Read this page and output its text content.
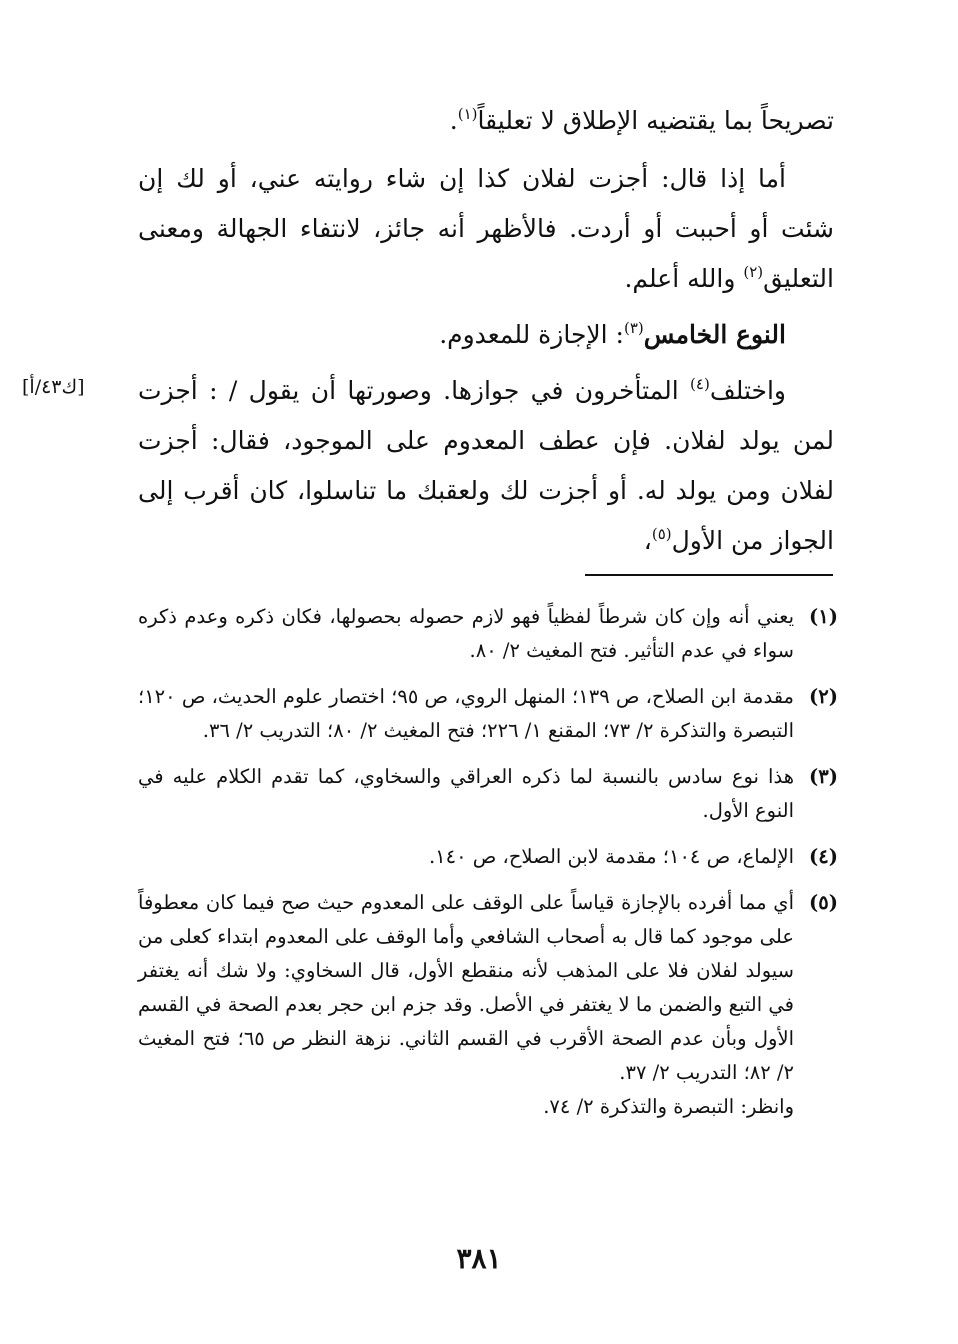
تصريحاً بما يقتضيه الإطلاق لا تعليقاً$^{(١)}$.

أما إذا قال: أجزت لفلان كذا إن شاء روايته عني، أو لك إن شئت أو أحببت أو أردت. فالأظهر أنه جائز، لانتفاء الجهالة ومعنى التعليق$^{(٢)}$ والله أعلم.

النوع الخامس$^{(٣)}$: الإجازة للمعدوم.

واختلف$^{(٤)}$ المتأخرون في جوازها. وصورتها أن يقول / : أجزت لمن يولد لفلان. فإن عطف المعدوم على الموجود، فقال: أجزت لفلان ومن يولد له. أو أجزت لك ولعقبك ما تناسلوا، كان أقرب إلى الجواز من الأول$^{(٥)}$،

[ك٤٣/أ]
(١)
يعني أنه وإن كان شرطاً لفظياً فهو لازم حصوله بحصولها، فكان ذكره وعدم ذكره سواء في عدم التأثير. فتح المغيث ٢/ ٨٠.
(٢)
مقدمة ابن الصلاح، ص ١٣٩؛ المنهل الروي، ص ٩٥؛ اختصار علوم الحديث، ص ١٢٠؛ التبصرة والتذكرة ٢/ ٧٣؛ المقنع ١/ ٢٢٦؛ فتح المغيث ٢/ ٨٠؛ التدريب ٢/ ٣٦.
(٣)
هذا نوع سادس بالنسبة لما ذكره العراقي والسخاوي، كما تقدم الكلام عليه في النوع الأول.
(٤)
الإلماع، ص ١٠٤؛ مقدمة لابن الصلاح، ص ١٤٠.
(٥)
أي مما أفرده بالإجازة قياساً على الوقف على المعدوم حيث صح فيما كان معطوفاً على موجود كما قال به أصحاب الشافعي وأما الوقف على المعدوم ابتداء كعلى من سيولد لفلان فلا على المذهب لأنه منقطع الأول، قال السخاوي: ولا شك أنه يغتفر في التبع والضمن ما لا يغتفر في الأصل. وقد جزم ابن حجر بعدم الصحة في القسم الأول وبأن عدم الصحة الأقرب في القسم الثاني. نزهة النظر ص ٦٥؛ فتح المغيث ٢/ ٨٢؛ التدريب ٢/ ٣٧.
وانظر: التبصرة والتذكرة ٢/ ٧٤.
٣٨١
